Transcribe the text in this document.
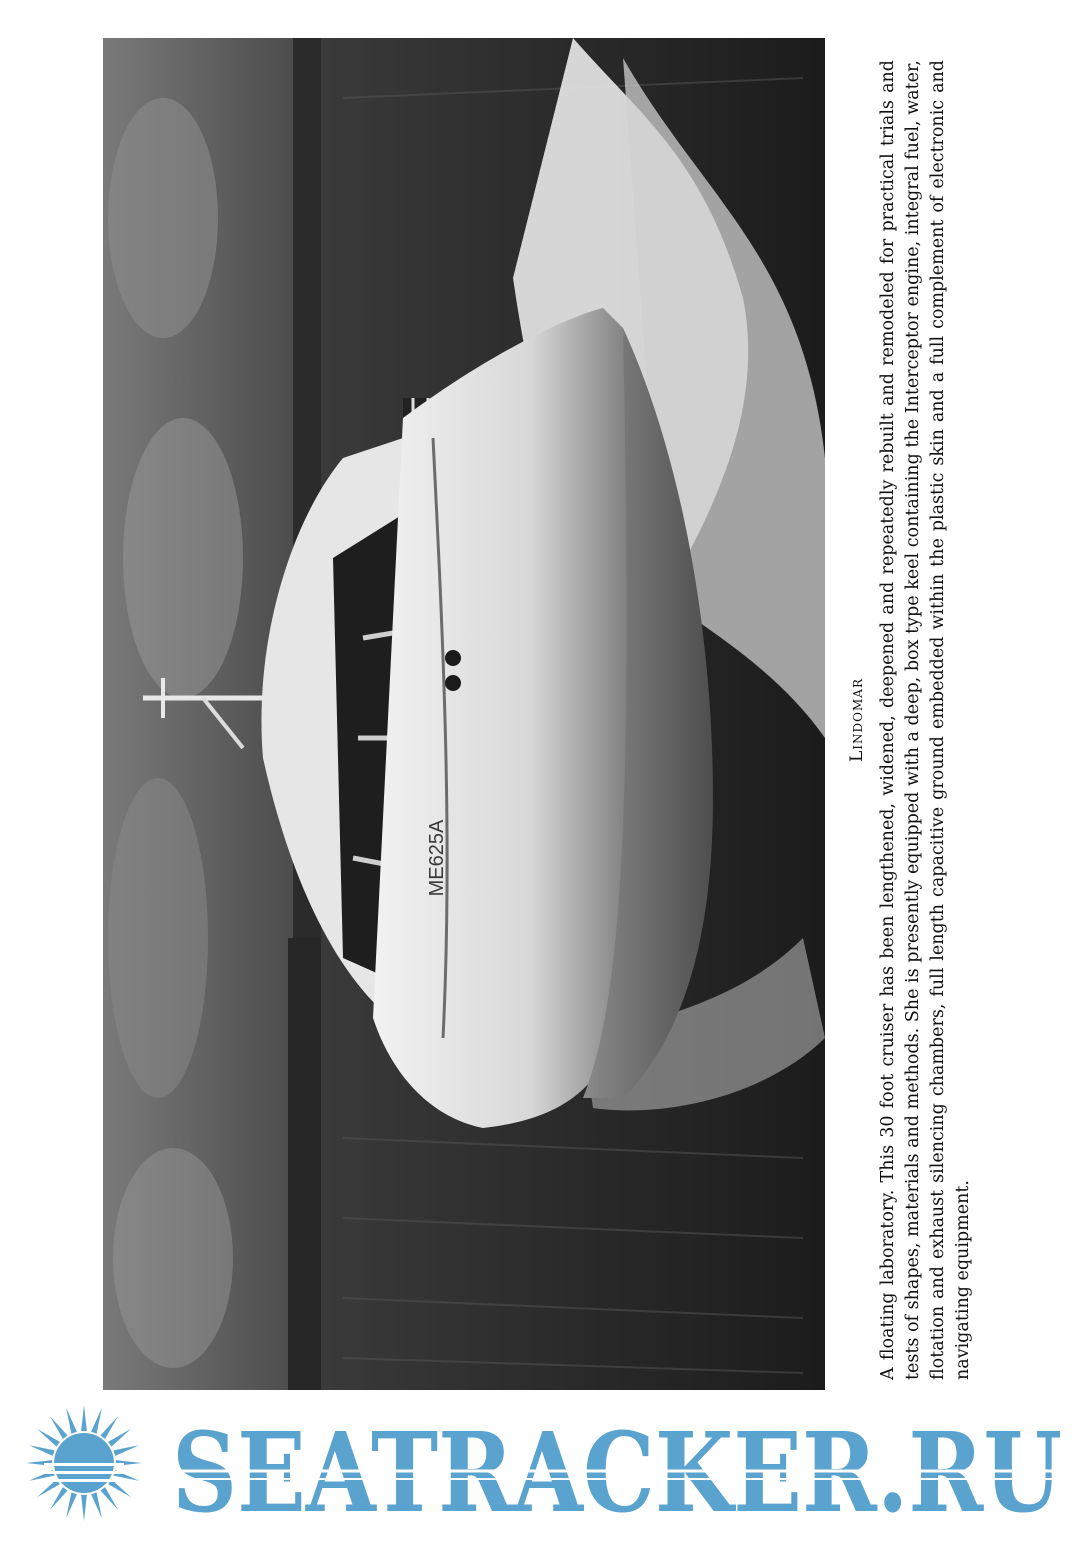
ME625A

Lindomar A floating laboratory. This 30 foot cruiser has been lengthened, widened, deepened and repeatedly rebuilt and remodeled for practical trials and tests of shapes, materials and methods. She is presently equipped with a deep, box type keel containing the Interceptor engine, integral fuel, water, flotation and exhaust silencing chambers, full length capacitive ground embedded within the plastic skin and a full complement of electronic and navigating equipment.

SEATRACKER.RU
